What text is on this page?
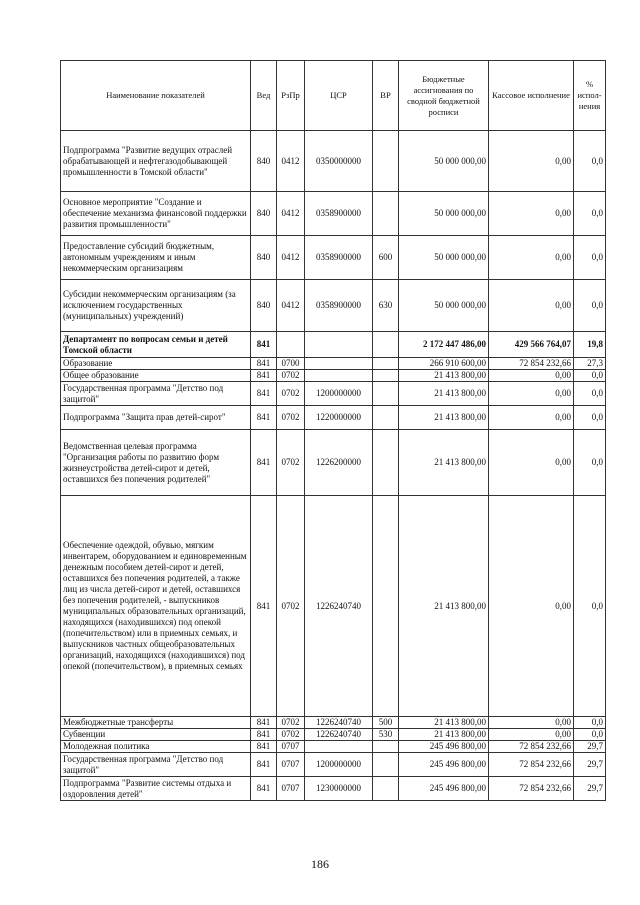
Наименование показателей	Вед	РзПр	ЦСР	ВР	Бюджетные ассигнования по сводной бюджетной росписи	Кассовое исполнение	% испол-нения
Подпрограмма "Развитие ведущих отраслей обрабатывающей и нефтегазодобывающей промышленности в Томской области"	840	0412	0350000000		50 000 000,00	0,00	0,0
Основное мероприятие "Создание и обеспечение механизма финансовой поддержки развития промышленности"	840	0412	0358900000		50 000 000,00	0,00	0,0
Предоставление субсидий бюджетным, автономным учреждениям и иным некоммерческим организациям	840	0412	0358900000	600	50 000 000,00	0,00	0,0
Субсидии некоммерческим организациям (за исключением государственных (муниципальных) учреждений)	840	0412	0358900000	630	50 000 000,00	0,00	0,0
Департамент по вопросам семьи и детей Томской области	841				2 172 447 486,00	429 566 764,07	19,8
Образование	841	0700			266 910 600,00	72 854 232,66	27,3
Общее образование	841	0702			21 413 800,00	0,00	0,0
Государственная программа "Детство под защитой"	841	0702	1200000000		21 413 800,00	0,00	0,0
Подпрограмма "Защита прав детей-сирот"	841	0702	1220000000		21 413 800,00	0,00	0,0
Ведомственная целевая программа "Организация работы по развитию форм жизнеустройства детей-сирот и детей, оставшихся без попечения родителей"	841	0702	1226200000		21 413 800,00	0,00	0,0
Обеспечение одеждой, обувью, мягким инвентарем, оборудованием и единовременным денежным пособием детей-сирот и детей, оставшихся без попечения родителей, а также лиц из числа детей-сирот и детей, оставшихся без попечения родителей, - выпускников муниципальных образовательных организаций, находящихся (находившихся) под опекой (попечительством) или в приемных семьях, и выпускников частных общеобразовательных организаций, находящихся (находившихся) под опекой (попечительством), в приемных семьях	841	0702	1226240740		21 413 800,00	0,00	0,0
Межбюджетные трансферты	841	0702	1226240740	500	21 413 800,00	0,00	0,0
Субвенции	841	0702	1226240740	530	21 413 800,00	0,00	0,0
Молодежная политика	841	0707			245 496 800,00	72 854 232,66	29,7
Государственная программа "Детство под защитой"	841	0707	1200000000		245 496 800,00	72 854 232,66	29,7
Подпрограмма "Развитие системы отдыха и оздоровления детей"	841	0707	1230000000		245 496 800,00	72 854 232,66	29,7
186
